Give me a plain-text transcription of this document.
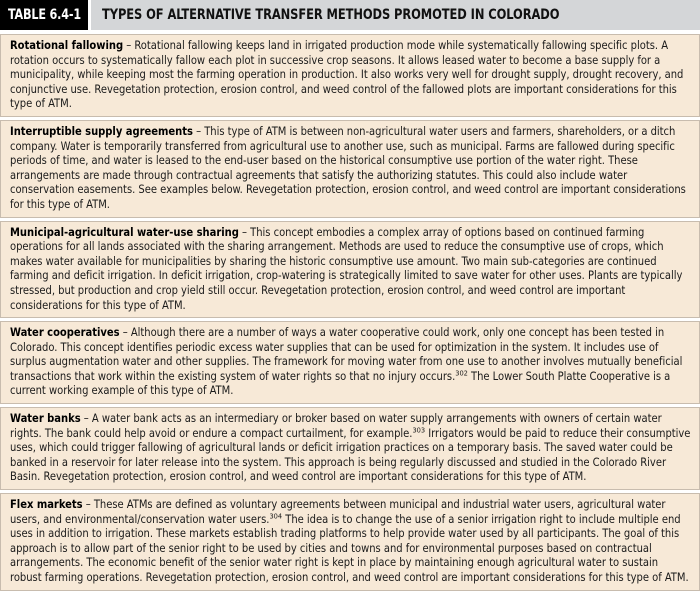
TABLE 6.4-1 TYPES OF ALTERNATIVE TRANSFER METHODS PROMOTED IN COLORADO

Rotational fallowing – Rotational fallowing keeps land in irrigated production mode while systematically fallowing specific plots. A rotation occurs to systematically fallow each plot in successive crop seasons. It allows leased water to become a base supply for a municipality, while keeping most the farming operation in production. It also works very well for drought supply, drought recovery, and conjunctive use. Revegetation protection, erosion control, and weed control of the fallowed plots are important considerations for this type of ATM.

Interruptible supply agreements – This type of ATM is between non-agricultural water users and farmers, shareholders, or a ditch company. Water is temporarily transferred from agricultural use to another use, such as municipal. Farms are fallowed during specific periods of time, and water is leased to the end-user based on the historical consumptive use portion of the water right. These arrangements are made through contractual agreements that satisfy the authorizing statutes. This could also include water conservation easements. See examples below. Revegetation protection, erosion control, and weed control are important considerations for this type of ATM.

Municipal-agricultural water-use sharing – This concept embodies a complex array of options based on continued farming operations for all lands associated with the sharing arrangement. Methods are used to reduce the consumptive use of crops, which makes water available for municipalities by sharing the historic consumptive use amount. Two main sub-categories are continued farming and deficit irrigation. In deficit irrigation, crop-watering is strategically limited to save water for other uses. Plants are typically stressed, but production and crop yield still occur. Revegetation protection, erosion control, and weed control are important considerations for this type of ATM.

Water cooperatives – Although there are a number of ways a water cooperative could work, only one concept has been tested in Colorado. This concept identifies periodic excess water supplies that can be used for optimization in the system. It includes use of surplus augmentation water and other supplies. The framework for moving water from one use to another involves mutually beneficial transactions that work within the existing system of water rights so that no injury occurs.$^{302}$ The Lower South Platte Cooperative is a current working example of this type of ATM.

Water banks – A water bank acts as an intermediary or broker based on water supply arrangements with owners of certain water rights. The bank could help avoid or endure a compact curtailment, for example.$^{303}$ Irrigators would be paid to reduce their consumptive uses, which could trigger fallowing of agricultural lands or deficit irrigation practices on a temporary basis. The saved water could be banked in a reservoir for later release into the system. This approach is being regularly discussed and studied in the Colorado River Basin. Revegetation protection, erosion control, and weed control are important considerations for this type of ATM.

Flex markets – These ATMs are defined as voluntary agreements between municipal and industrial water users, agricultural water users, and environmental/conservation water users.$^{304}$ The idea is to change the use of a senior irrigation right to include multiple end uses in addition to irrigation. These markets establish trading platforms to help provide water used by all participants. The goal of this approach is to allow part of the senior right to be used by cities and towns and for environmental purposes based on contractual arrangements. The economic benefit of the senior water right is kept in place by maintaining enough agricultural water to sustain robust farming operations. Revegetation protection, erosion control, and weed control are important considerations for this type of ATM.
